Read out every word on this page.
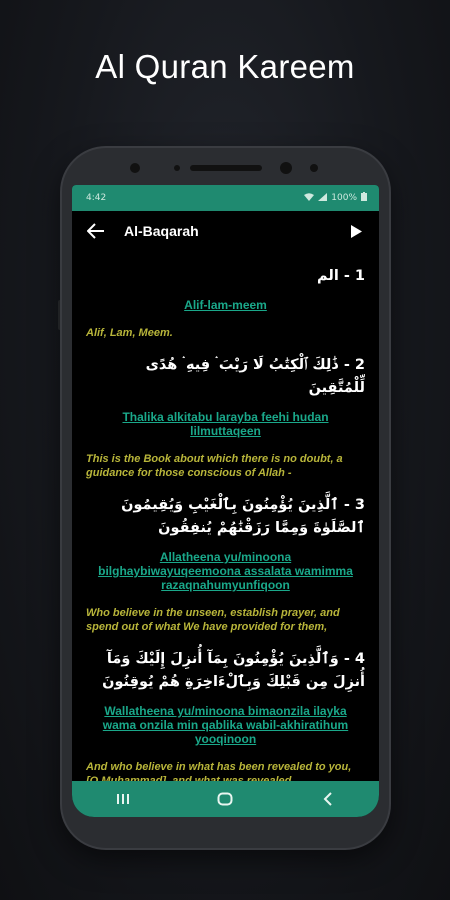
Al Quran Kareem
4:42	100%
Al-Baqarah
1 - الم
Alif-lam-meem
Alif, Lam, Meem.
2 - ذَٰلِكَ ٱلْكِتَٰبُ لَا رَيْبَ ۛ فِيهِ ۛ هُدًى لِّلْمُتَّقِينَ
Thalika alkitabu larayba feehi hudan lilmuttaqeen
This is the Book about which there is no doubt, a guidance for those conscious of Allah -
3 - ٱلَّذِينَ يُؤْمِنُونَ بِٱلْغَيْبِ وَيُقِيمُونَ ٱلصَّلَوٰةَ وَمِمَّا رَزَقْنَٰهُمْ يُنفِقُونَ
Allatheena yu/minoona bilghaybiwayuqeemoona assalata wamimma razaqnahumyunfiqoon
Who believe in the unseen, establish prayer, and spend out of what We have provided for them,
4 - وَٱلَّذِينَ يُؤْمِنُونَ بِمَآ أُنزِلَ إِلَيْكَ وَمَآ أُنزِلَ مِن قَبْلِكَ وَبِٱلْءَاخِرَةِ هُمْ يُوقِنُونَ
Wallatheena yu/minoona bimaonzila ilayka wama onzila min qablika wabil-akhiratihum yooqinoon
And who believe in what has been revealed to you,
